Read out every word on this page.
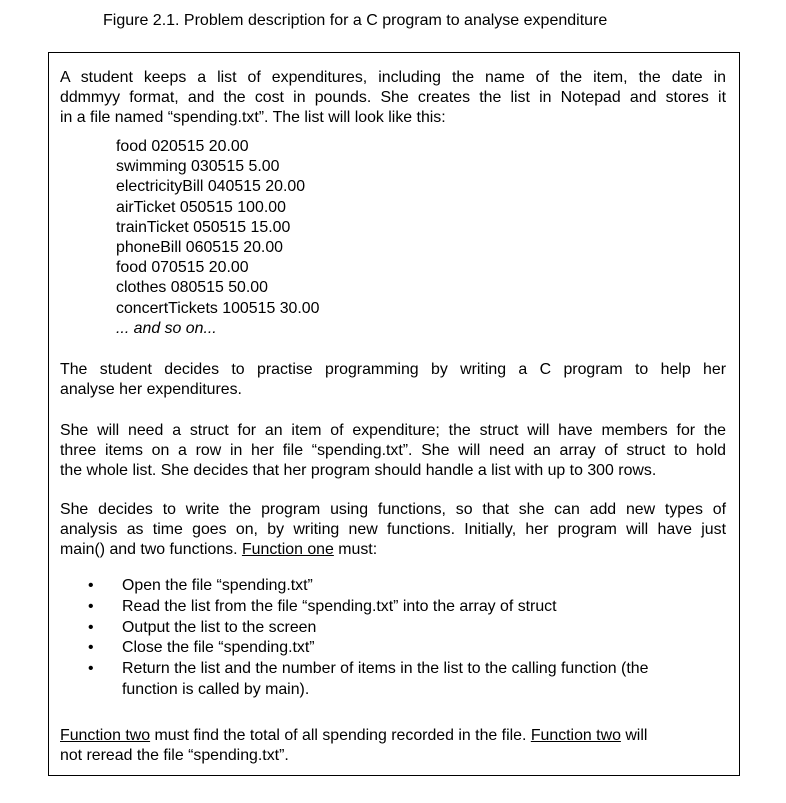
Figure 2.1. Problem description for a C program to analyse expenditure
A student keeps a list of expenditures, including the name of the item, the date in
ddmmyy format, and the cost in pounds. She creates the list in Notepad and stores it
in a file named “spending.txt”. The list will look like this:
food 020515 20.00
swimming 030515 5.00
electricityBill 040515 20.00
airTicket 050515 100.00
trainTicket 050515 15.00
phoneBill 060515 20.00
food 070515 20.00
clothes 080515 50.00
concertTickets 100515 30.00
... and so on...
The student decides to practise programming by writing a C program to help her
analyse her expenditures.
She will need a struct for an item of expenditure; the struct will have members for the
three items on a row in her file “spending.txt”. She will need an array of struct to hold
the whole list. She decides that her program should handle a list with up to 300 rows.
She decides to write the program using functions, so that she can add new types of
analysis as time goes on, by writing new functions. Initially, her program will have just
main() and two functions. Function one must:
• Open the file “spending.txt”
• Read the list from the file “spending.txt” into the array of struct
• Output the list to the screen
• Close the file “spending.txt”
• Return the list and the number of items in the list to the calling function (the
function is called by main).
Function two must find the total of all spending recorded in the file. Function two will
not reread the file “spending.txt”.
